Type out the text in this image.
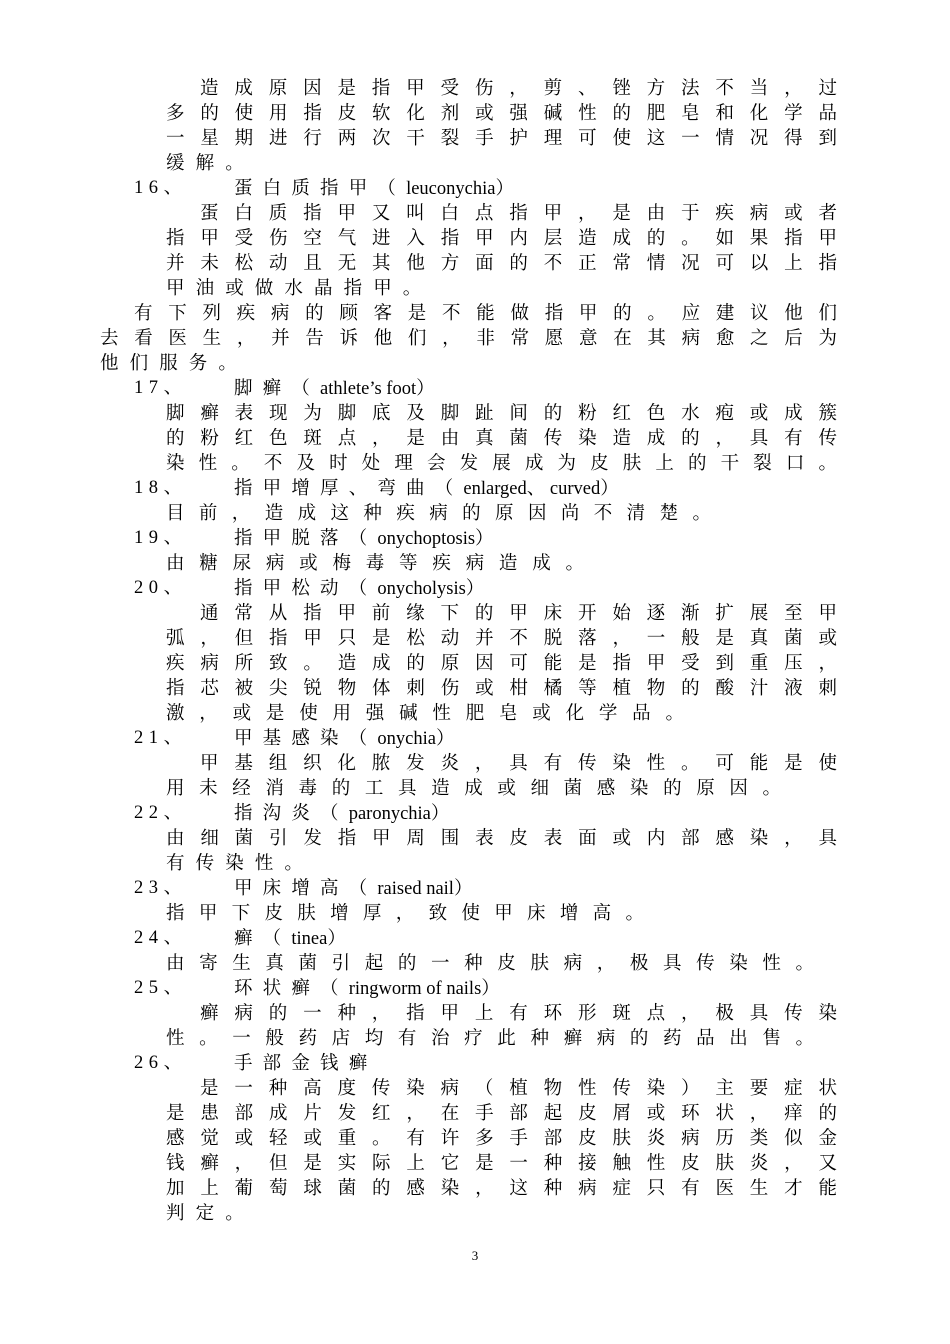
造成原因是指甲受伤，剪、锉方法不当，过
多的使用指皮软化剂或强碱性的肥皂和化学品
一星期进行两次干裂手护理可使这一情况得到
缓解。
16、	蛋白质指甲（leuconychia）
蛋白质指甲又叫白点指甲，是由于疾病或者
指甲受伤空气进入指甲内层造成的。如果指甲
并未松动且无其他方面的不正常情况可以上指
甲油或做水晶指甲。
有下列疾病的顾客是不能做指甲的。应建议他们
去看医生，并告诉他们，非常愿意在其病愈之后为
他们服务。
17、	脚癣（athlete’s foot）
脚癣表现为脚底及脚趾间的粉红色水疱或成簇
的粉红色斑点，是由真菌传染造成的，具有传
染性。不及时处理会发展成为皮肤上的干裂口。
18、	指甲增厚、弯曲（enlarged、 curved）
目前，造成这种疾病的原因尚不清楚。
19、	指甲脱落（onychoptosis）
由糖尿病或梅毒等疾病造成。
20、	指甲松动（onycholysis）
通常从指甲前缘下的甲床开始逐渐扩展至甲
弧，但指甲只是松动并不脱落，一般是真菌或
疾病所致。造成的原因可能是指甲受到重压，
指芯被尖锐物体刺伤或柑橘等植物的酸汁液刺
激，或是使用强碱性肥皂或化学品。
21、	甲基感染（onychia）
甲基组织化脓发炎，具有传染性。可能是使
用未经消毒的工具造成或细菌感染的原因。
22、	指沟炎（paronychia）
由细菌引发指甲周围表皮表面或内部感染，具
有传染性。
23、	甲床增高（raised nail）
指甲下皮肤增厚，致使甲床增高。
24、	癣（tinea）
由寄生真菌引起的一种皮肤病，极具传染性。
25、	环状癣（ringworm of nails）
癣病的一种，指甲上有环形斑点，极具传染
性。一般药店均有治疗此种癣病的药品出售。
26、	手部金钱癣
是一种高度传染病（植物性传染）主要症状
是患部成片发红，在手部起皮屑或环状，痒的
感觉或轻或重。有许多手部皮肤炎病历类似金
钱癣，但是实际上它是一种接触性皮肤炎，又
加上葡萄球菌的感染，这种病症只有医生才能
判定。
3
